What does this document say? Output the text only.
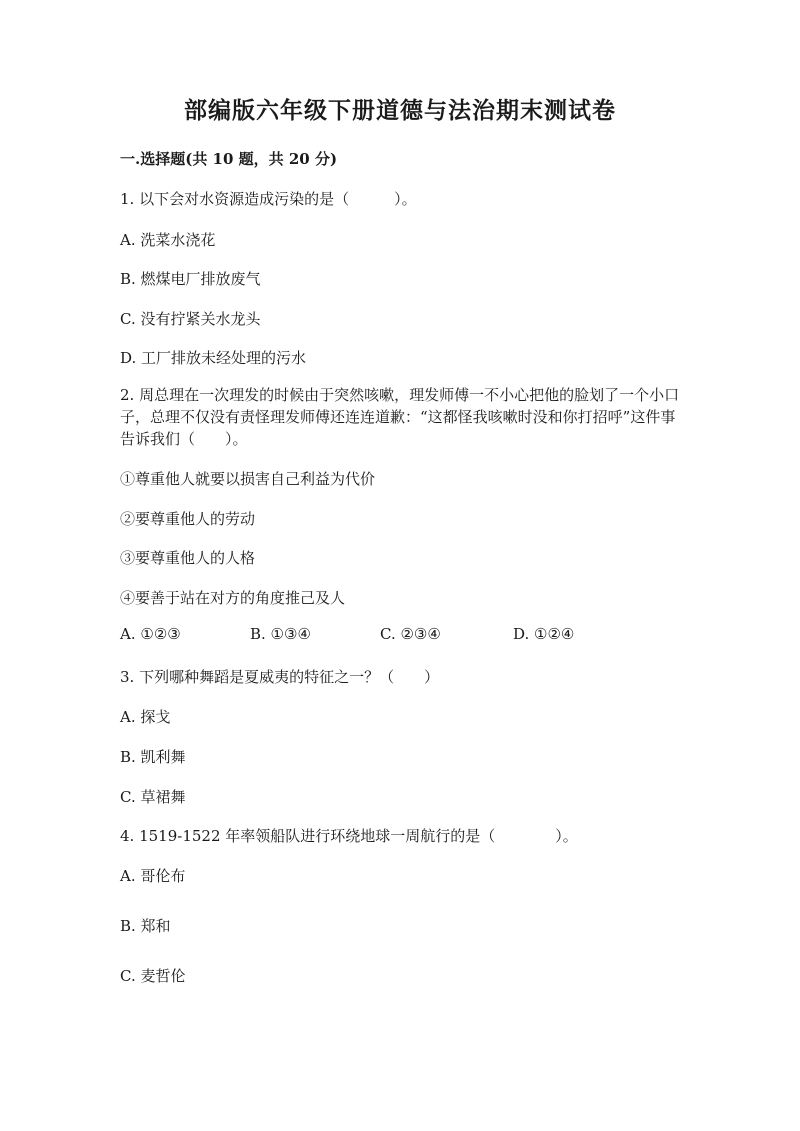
部编版六年级下册道德与法治期末测试卷
一.选择题(共 10 题，共 20 分)
1. 以下会对水资源造成污染的是（　　　）。
A. 洗菜水浇花
B. 燃煤电厂排放废气
C. 没有拧紧关水龙头
D. 工厂排放未经处理的污水
2. 周总理在一次理发的时候由于突然咳嗽，理发师傅一不小心把他的脸划了一个小口子，总理不仅没有责怪理发师傅还连连道歉：“这都怪我咳嗽时没和你打招呼”这件事告诉我们（　　）。
①尊重他人就要以损害自己利益为代价
②要尊重他人的劳动
③要尊重他人的人格
④要善于站在对方的角度推己及人
A. ①②③	B. ①③④	C. ②③④	D. ①②④
3. 下列哪种舞蹈是夏威夷的特征之一？（　　）
A. 探戈
B. 凯利舞
C. 草裙舞
4. 1519-1522 年率领船队进行环绕地球一周航行的是（　　　　）。
A. 哥伦布
B. 郑和
C. 麦哲伦
